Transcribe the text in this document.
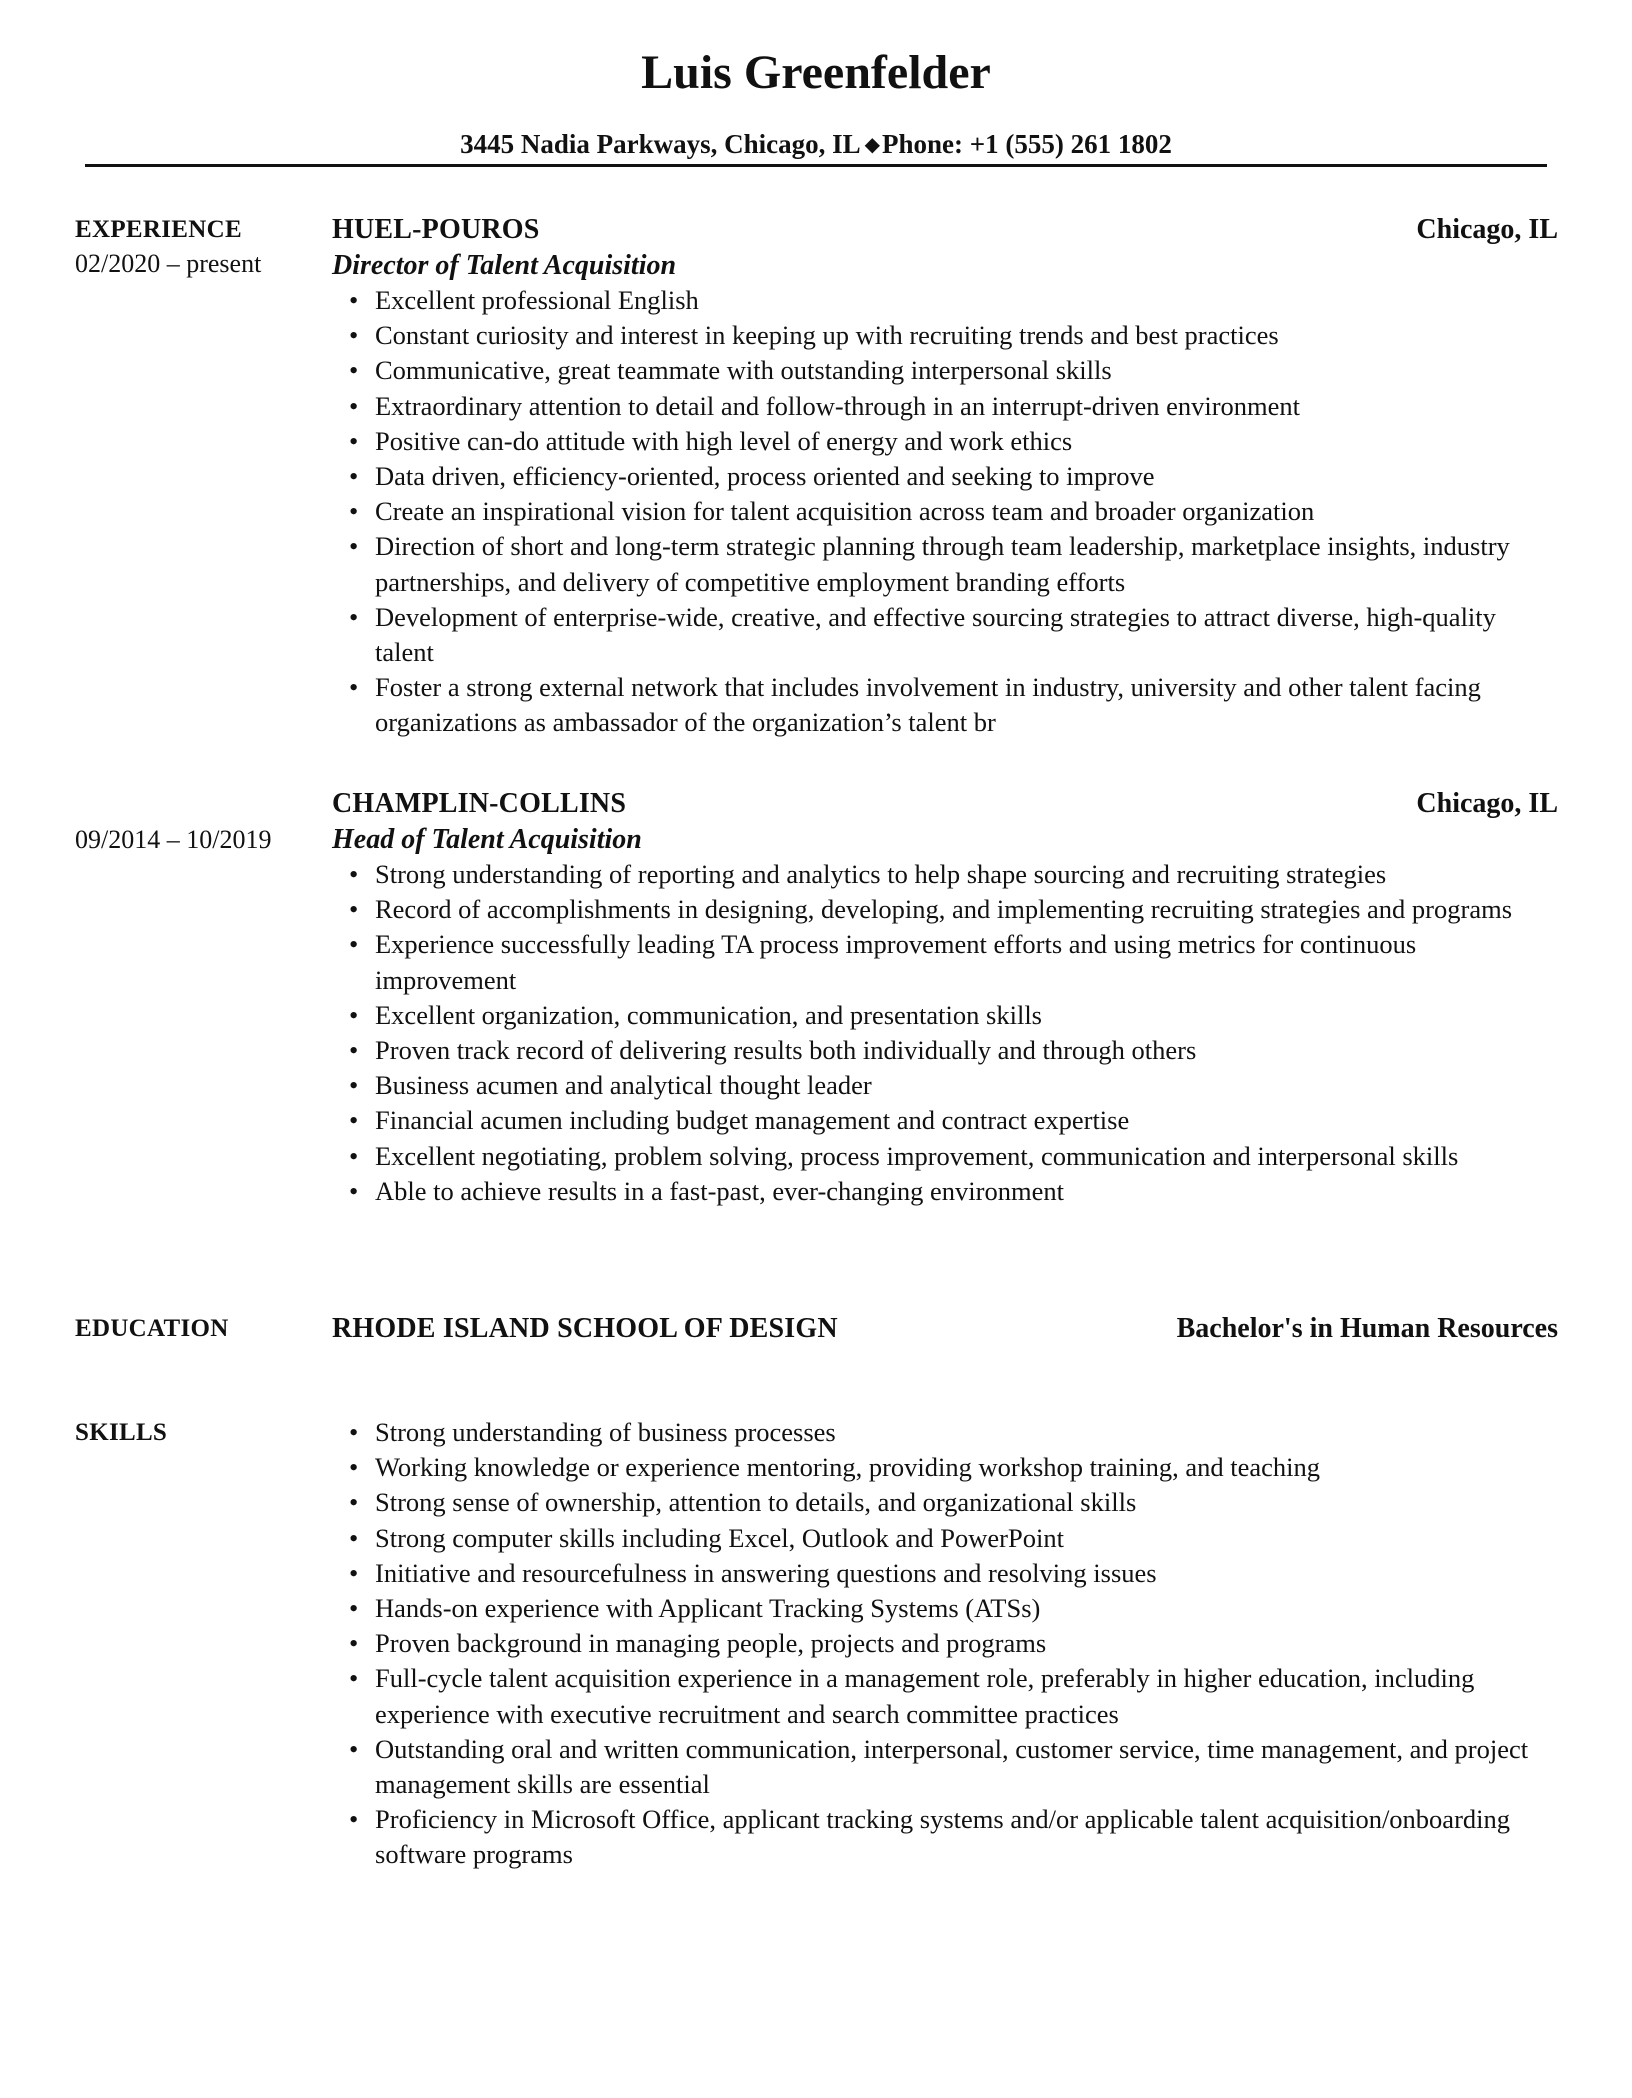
Luis Greenfelder
3445 Nadia Parkways, Chicago, IL ◆Phone: +1 (555) 261 1802
EXPERIENCE
02/2020 – present
HUEL-POUROS	Chicago, IL
Director of Talent Acquisition
• Excellent professional English
• Constant curiosity and interest in keeping up with recruiting trends and best practices
• Communicative, great teammate with outstanding interpersonal skills
• Extraordinary attention to detail and follow-through in an interrupt-driven environment
• Positive can-do attitude with high level of energy and work ethics
• Data driven, efficiency-oriented, process oriented and seeking to improve
• Create an inspirational vision for talent acquisition across team and broader organization
• Direction of short and long-term strategic planning through team leadership, marketplace insights, industry partnerships, and delivery of competitive employment branding efforts
• Development of enterprise-wide, creative, and effective sourcing strategies to attract diverse, high-quality talent
• Foster a strong external network that includes involvement in industry, university and other talent facing organizations as ambassador of the organization’s talent br
09/2014 – 10/2019
CHAMPLIN-COLLINS	Chicago, IL
Head of Talent Acquisition
• Strong understanding of reporting and analytics to help shape sourcing and recruiting strategies
• Record of accomplishments in designing, developing, and implementing recruiting strategies and programs
• Experience successfully leading TA process improvement efforts and using metrics for continuous improvement
• Excellent organization, communication, and presentation skills
• Proven track record of delivering results both individually and through others
• Business acumen and analytical thought leader
• Financial acumen including budget management and contract expertise
• Excellent negotiating, problem solving, process improvement, communication and interpersonal skills
• Able to achieve results in a fast-past, ever-changing environment
EDUCATION	RHODE ISLAND SCHOOL OF DESIGN	Bachelor's in Human Resources
SKILLS
•	Strong understanding of business processes
• Working knowledge or experience mentoring, providing workshop training, and teaching
• Strong sense of ownership, attention to details, and organizational skills
• Strong computer skills including Excel, Outlook and PowerPoint
• Initiative and resourcefulness in answering questions and resolving issues
• Hands-on experience with Applicant Tracking Systems (ATSs)
• Proven background in managing people, projects and programs
• Full-cycle talent acquisition experience in a management role, preferably in higher education, including experience with executive recruitment and search committee practices
• Outstanding oral and written communication, interpersonal, customer service, time management, and project management skills are essential
• Proficiency in Microsoft Office, applicant tracking systems and/or applicable talent acquisition/onboarding software programs
